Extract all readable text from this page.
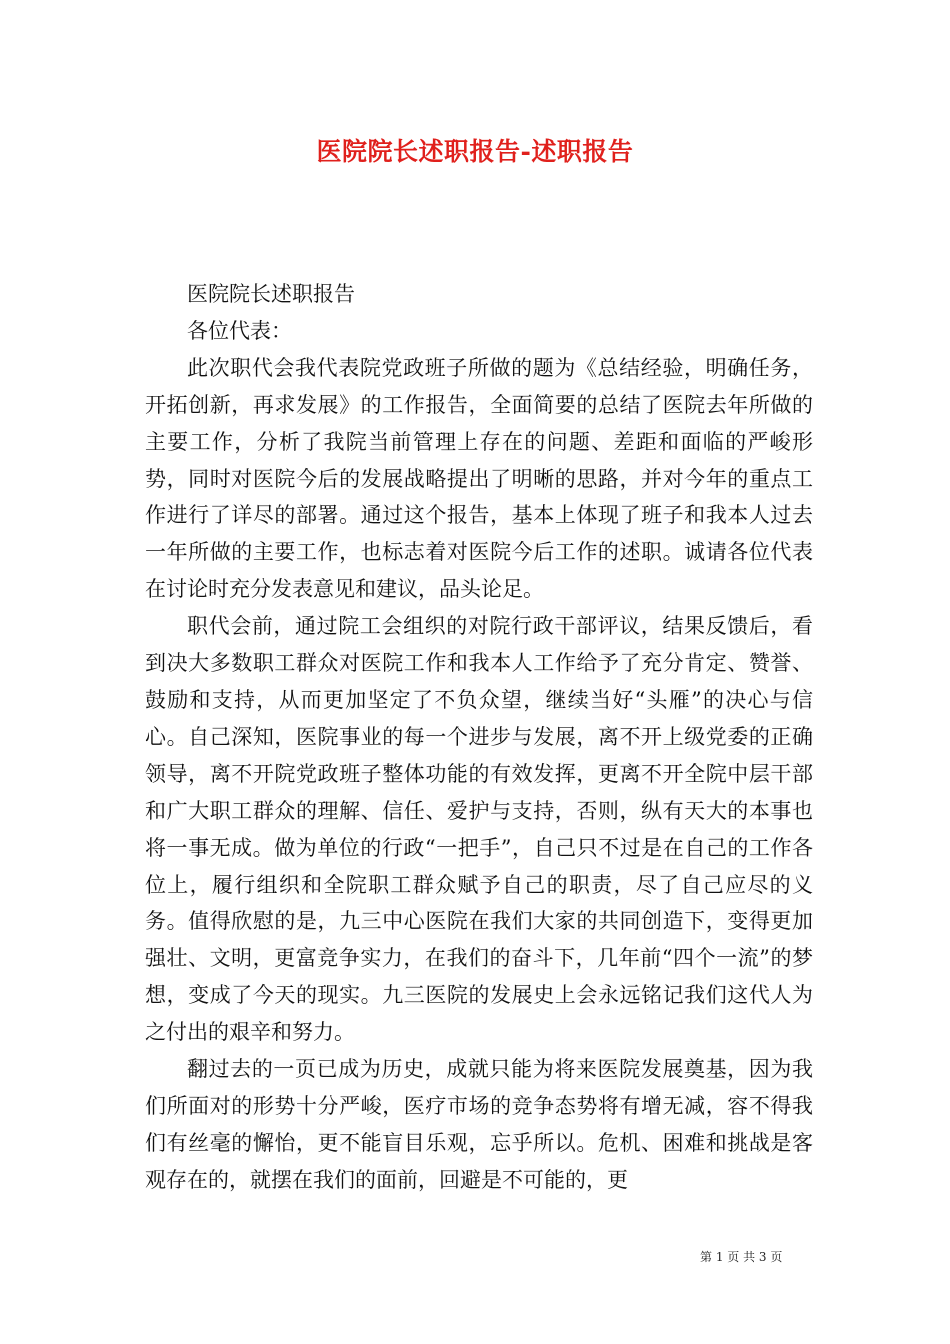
医院院长述职报告-述职报告

医院院长述职报告

各位代表：

此次职代会我代表院党政班子所做的题为《总结经验，明确任务，开拓创新，再求发展》的工作报告，全面简要的总结了医院去年所做的主要工作，分析了我院当前管理上存在的问题、差距和面临的严峻形势，同时对医院今后的发展战略提出了明晰的思路，并对今年的重点工作进行了详尽的部署。通过这个报告，基本上体现了班子和我本人过去一年所做的主要工作，也标志着对医院今后工作的述职。诚请各位代表在讨论时充分发表意见和建议，品头论足。

职代会前，通过院工会组织的对院行政干部评议，结果反馈后，看到决大多数职工群众对医院工作和我本人工作给予了充分肯定、赞誉、鼓励和支持，从而更加坚定了不负众望，继续当好“头雁”的决心与信心。自己深知，医院事业的每一个进步与发展，离不开上级党委的正确领导，离不开院党政班子整体功能的有效发挥，更离不开全院中层干部和广大职工群众的理解、信任、爱护与支持，否则，纵有天大的本事也将一事无成。做为单位的行政“一把手”，自己只不过是在自己的工作各位上，履行组织和全院职工群众赋予自己的职责，尽了自己应尽的义务。值得欣慰的是，九三中心医院在我们大家的共同创造下，变得更加强壮、文明，更富竞争实力，在我们的奋斗下，几年前“四个一流”的梦想，变成了今天的现实。九三医院的发展史上会永远铭记我们这代人为之付出的艰辛和努力。

翻过去的一页已成为历史，成就只能为将来医院发展奠基，因为我们所面对的形势十分严峻，医疗市场的竞争态势将有增无减，容不得我们有丝毫的懈怡，更不能盲目乐观，忘乎所以。危机、困难和挑战是客观存在的，就摆在我们的面前，回避是不可能的，更

第 1 页 共 3 页
